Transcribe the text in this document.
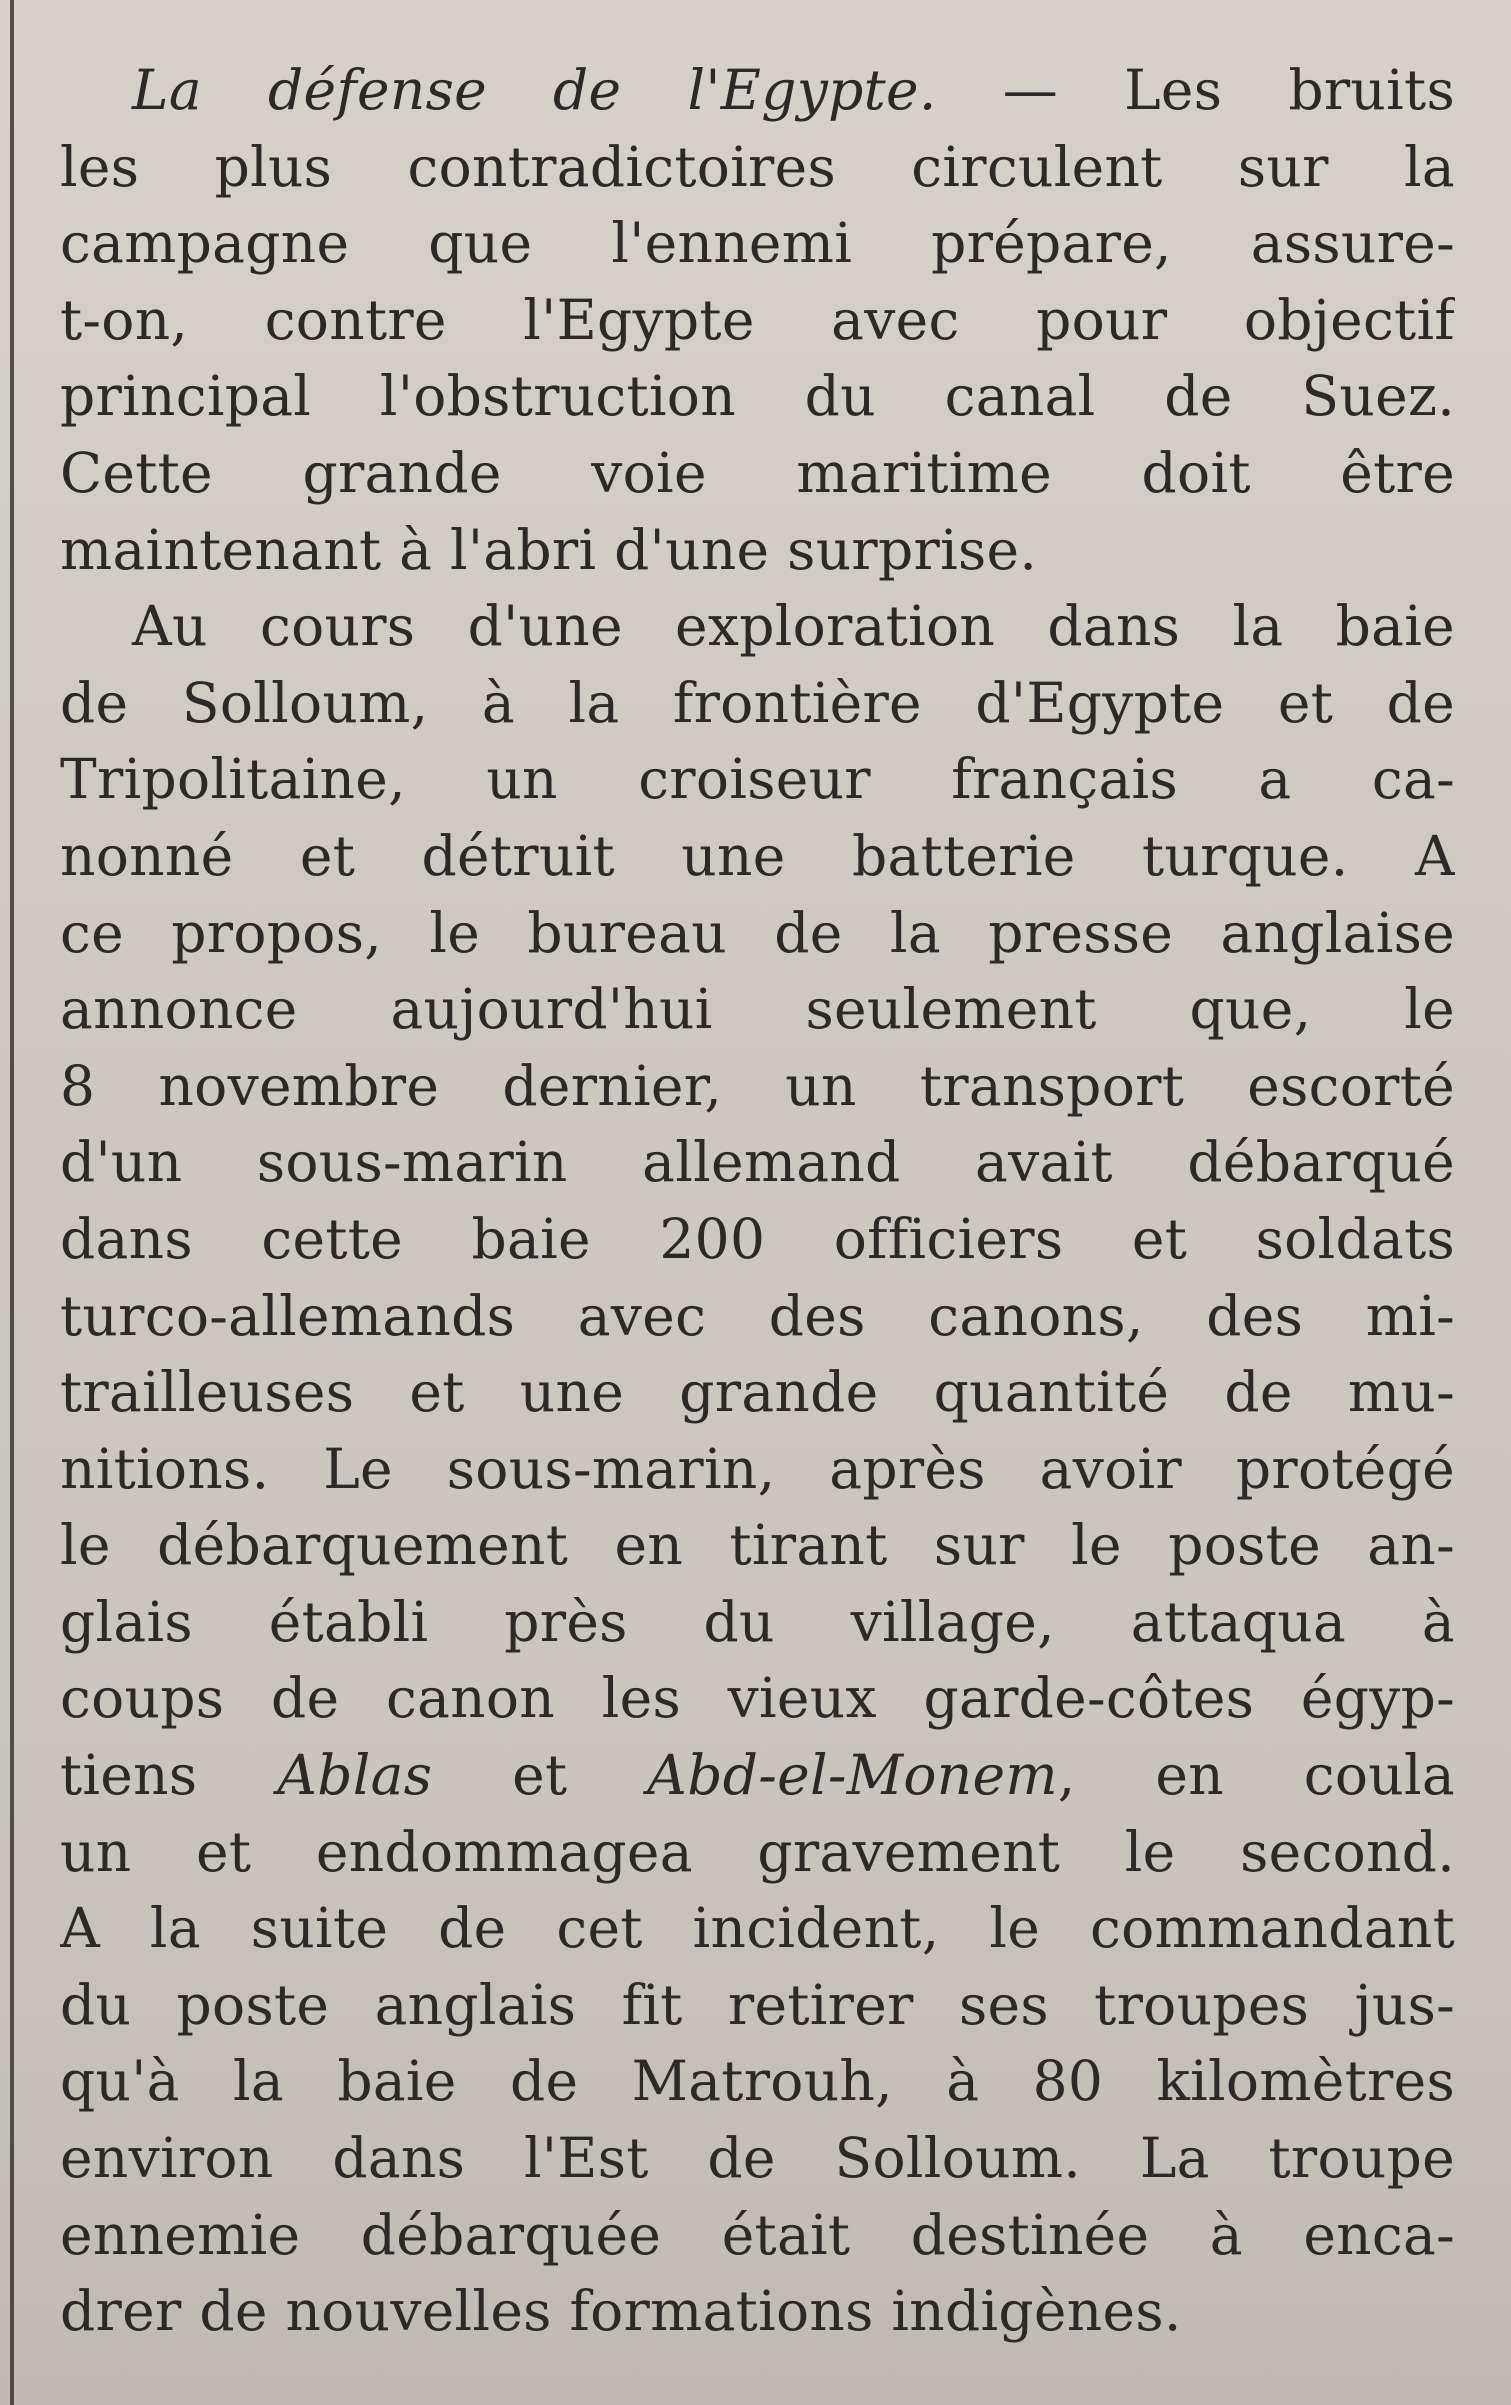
La défense de l'Egypte. — Les bruits
les plus contradictoires circulent sur la
campagne que l'ennemi prépare, assure-
t-on, contre l'Egypte avec pour objectif
principal l'obstruction du canal de Suez.
Cette grande voie maritime doit être
maintenant à l'abri d'une surprise.
Au cours d'une exploration dans la baie
de Solloum, à la frontière d'Egypte et de
Tripolitaine, un croiseur français a ca-
nonné et détruit une batterie turque. A
ce propos, le bureau de la presse anglaise
annonce aujourd'hui seulement que, le
8 novembre dernier, un transport escorté
d'un sous-marin allemand avait débarqué
dans cette baie 200 officiers et soldats
turco-allemands avec des canons, des mi-
trailleuses et une grande quantité de mu-
nitions. Le sous-marin, après avoir protégé
le débarquement en tirant sur le poste an-
glais établi près du village, attaqua à
coups de canon les vieux garde-côtes égyp-
tiens Ablas et Abd-el-Monem, en coula
un et endommagea gravement le second.
A la suite de cet incident, le commandant
du poste anglais fit retirer ses troupes jus-
qu'à la baie de Matrouh, à 80 kilomètres
environ dans l'Est de Solloum. La troupe
ennemie débarquée était destinée à enca-
drer de nouvelles formations indigènes.
